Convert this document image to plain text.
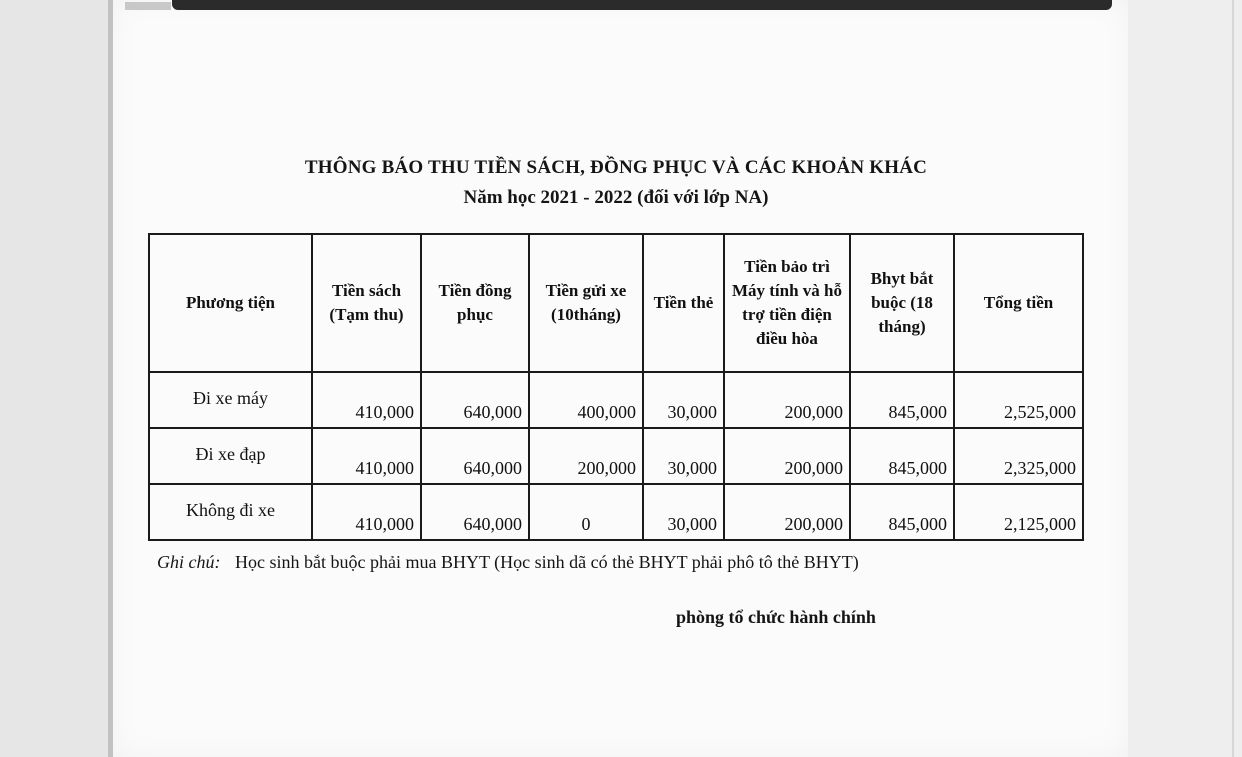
THÔNG BÁO THU TIỀN SÁCH, ĐỒNG PHỤC VÀ CÁC KHOẢN KHÁC
Năm học 2021 - 2022 (đối với lớp NA)
Phương tiện	Tiền sách (Tạm thu)	Tiền đồng phục	Tiền gửi xe (10tháng)	Tiền thẻ	Tiền bảo trì Máy tính và hỗ trợ tiền điện điều hòa	Bhyt bắt buộc (18 tháng)	Tổng tiền
Đi xe máy	410,000	640,000	400,000	30,000	200,000	845,000	2,525,000
Đi xe đạp	410,000	640,000	200,000	30,000	200,000	845,000	2,325,000
Không đi xe	410,000	640,000	0	30,000	200,000	845,000	2,125,000
Ghi chú: Học sinh bắt buộc phải mua BHYT (Học sinh dã có thẻ BHYT phải phô tô thẻ BHYT)
phòng tổ chức hành chính
